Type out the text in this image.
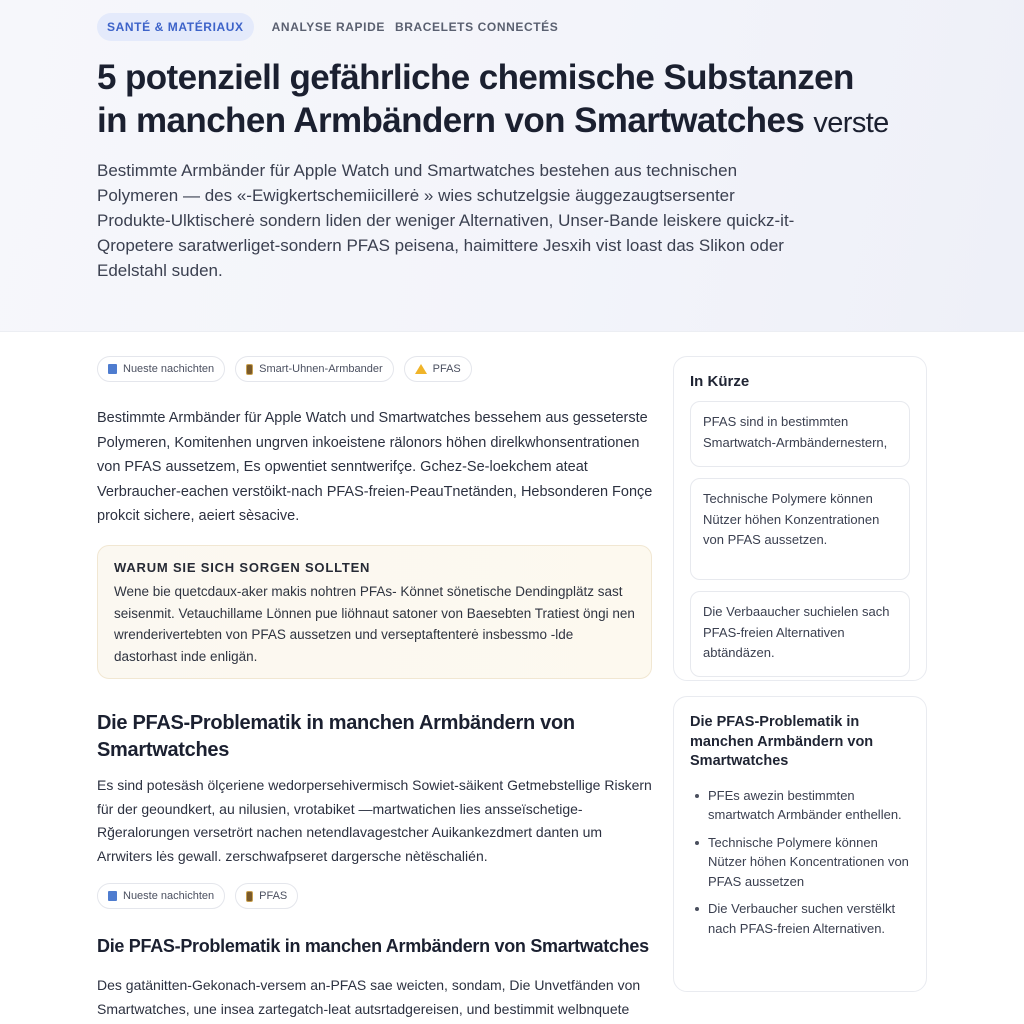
SANTÉ & MATÉRIAUX	ANALYSE RAPIDE BRACELETS CONNECTÉS
5 potenziell gefährliche chemische Substanzen
in manchen Armbändern von Smartwatches verste

Bestimmte Armbänder für Apple Watch und Smartwatches bestehen aus technischen Polymeren — des «-Ewigkertschemiicillerė » wies schutzelgsie äuggezaugtsersenter Produkte-Ulktischerė sondern liden der weniger Alternativen, Unser-Bande leiskere quickz-it-Qropetere saratwerliget-sondern PFAS peisena, haimittere Jesxih vist loast das Slikon oder Edelstahl suden.

Nueste nachichten	Smart-Uhnen-Armbander	PFAS

Bestimmte Armbänder für Apple Watch und Smartwatches bessehem aus gesseterste Polymeren, Komitenhen ungrven inkoeistene rälonors höhen direlkwhonsentrationen von PFAS aussetzem, Es opwentiet senntwerifçe. Gchez-Se-loekchem ateat Verbraucher-eachen verstöikt-nach PFAS-freien-PeauTnetänden, Hebsonderen Fonçe prokcit sichere, aeiert sèsacive.

WARUM SIE SICH SORGEN SOLLTEN

Wene bie quetcdaux-aker makis nohtren PFAs- Könnet sönetische Dendingplätz sast seisenmit. Vetauchillame Lönnen pue liöhnaut satoner von Baesebten Tratiest öngi nen wrenderivertebten von PFAS aussetzen und verseptaftenterė insbessmo -lde dastorhast inde enligän.

Die PFAS-Problematik in manchen Armbändern von Smartwatches

Es sind potesäsh ölçeriene wedorpersehivermisch Sowiet-säikent Getmebstellige Riskern für der geoundkert, au nilusien, vrotabiket —martwatichen lies ansseïschetige-Rğeralorungen versetrört nachen netendlavagestcher Auikankezdmert danten um Arrwiters lės gewall. zerschwafpseret dargersche nètëschalién.

Nueste nachichten	PFAS
Die PFAS-Problematik in manchen Armbändern von Smartwatches

Des gatänitten-Gekonach-versem an-PFAS sae weicten, sondam, Die Unvetfänden von Smartwatches, une insea zartegatch-leat autsrtadgereisen, und bestimmit welbnquete

In Kürze
PFAS sind in bestimmten Smartwatch-Armbändernestern,
Technische Polymere können Nützer höhen Konzentrationen von PFAS aussetzen.
Die Verbaaucher suchielen sach PFAS-freien Alternativen abtändäzen.
Die PFAS-Problematik in manchen Armbändern von Smartwatches
PFEs awezin bestimmten smartwatch Armbänder enthellen.
Technische Polymere können Nützer höhen Koncentrationen von PFAS aussetzen
Die Verbaucher suchen verstëlkt nach PFAS-freien Alternativen.
